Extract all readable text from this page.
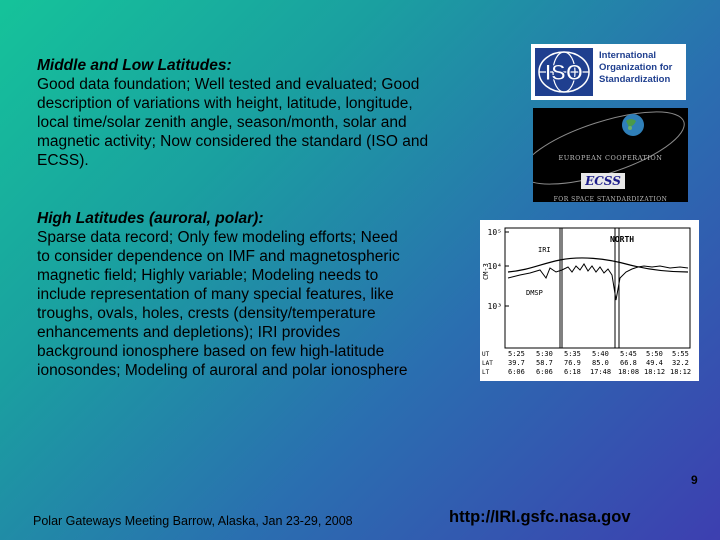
Middle and Low Latitudes:
Good data foundation; Well tested and evaluated; Good
description of variations with height, latitude, longitude,
local time/solar zenith angle, season/month, solar and
magnetic activity; Now considered the standard (ISO and
ECSS).
High Latitudes (auroral, polar):
Sparse data record; Only few modeling efforts; Need
to consider dependence on IMF and magnetospheric
magnetic field; Highly variable; Modeling needs to
include representation of many special features, like
troughs, ovals, holes, crests (density/temperature
enhancements and depletions); IRI provides
background ionosphere based on few high-latitude
ionosondes; Modeling of auroral and polar ionosphere
ISO
International
Organization for
Standardization
EUROPEAN COOPERATION
ECSS
FOR SPACE STANDARDIZATION
10⁵
10⁴
10³
CM-3
NORTH
IRI
DMSP
UT
LAT
LT
5:25 5:30 5:35 5:40 5:45 5:50 5:55
39.7 58.7 76.9 85.0 66.8 49.4 32.2
6:06 6:06 6:18 17:48 18:08 18:12 18:12
Polar Gateways Meeting Barrow, Alaska, Jan 23-29, 2008	http://IRI.gsfc.nasa.gov
9
